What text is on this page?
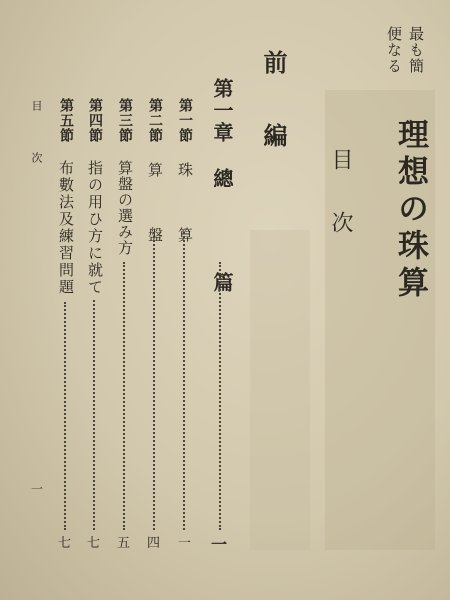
最も簡
便なる
理想の珠算
目 次
前 編
第一章
總 篇
一
第一節
珠 算
一
第二節
算 盤
四
第三節
算盤の選み方
五
第四節
指の用ひ方に就て
七
第五節
布數法及練習問題
七
目 次
一
